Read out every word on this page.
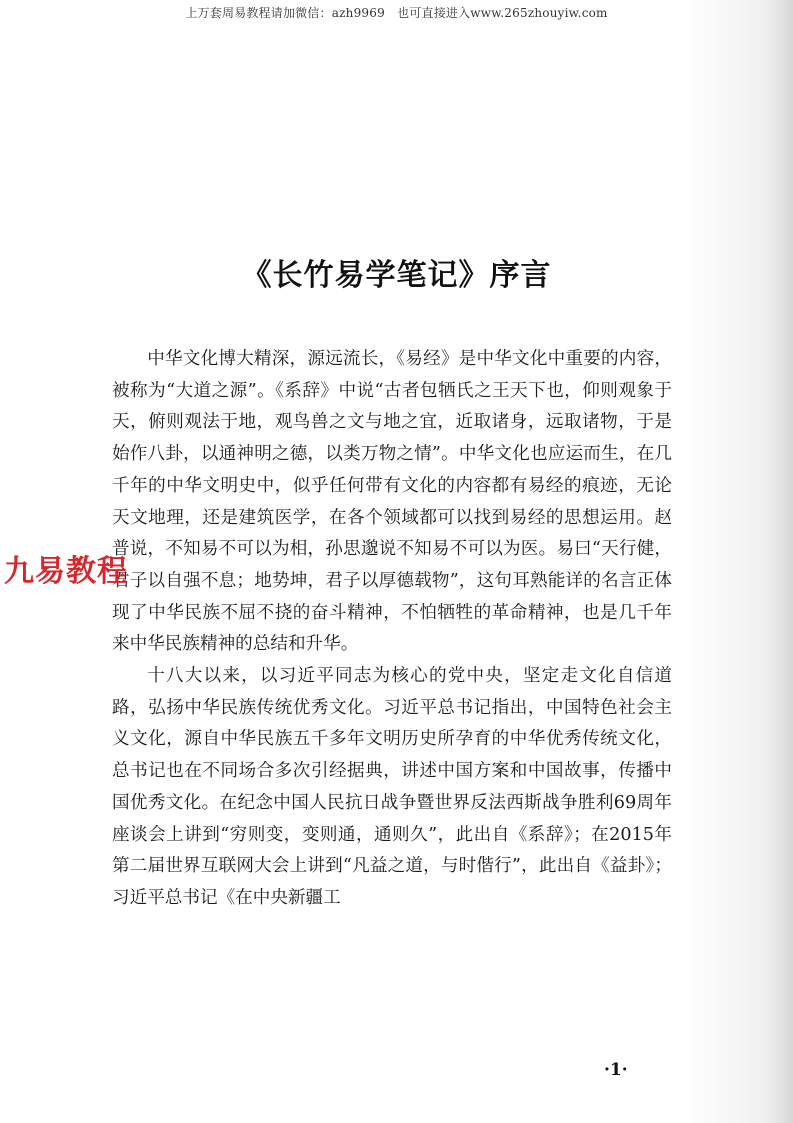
上万套周易教程请加微信：azh9969　也可直接进入www.265zhouyiw.com
《长竹易学笔记》序言

中华文化博大精深，源远流长，《易经》是中华文化中重要的内容，被称为“大道之源”。《系辞》中说“古者包牺氏之王天下也，仰则观象于天，俯则观法于地，观鸟兽之文与地之宜，近取诸身，远取诸物，于是始作八卦，以通神明之德，以类万物之情”。中华文化也应运而生，在几千年的中华文明史中，似乎任何带有文化的内容都有易经的痕迹，无论天文地理，还是建筑医学，在各个领域都可以找到易经的思想运用。赵普说，不知易不可以为相，孙思邈说不知易不可以为医。易曰“天行健，君子以自强不息；地势坤，君子以厚德载物”，这句耳熟能详的名言正体现了中华民族不屈不挠的奋斗精神，不怕牺牲的革命精神，也是几千年来中华民族精神的总结和升华。

十八大以来，以习近平同志为核心的党中央，坚定走文化自信道路，弘扬中华民族传统优秀文化。习近平总书记指出，中国特色社会主义文化，源自中华民族五千多年文明历史所孕育的中华优秀传统文化，总书记也在不同场合多次引经据典，讲述中国方案和中国故事，传播中国优秀文化。在纪念中国人民抗日战争暨世界反法西斯战争胜利69周年座谈会上讲到“穷则变，变则通，通则久”，此出自《系辞》；在2015年第二届世界互联网大会上讲到“凡益之道，与时偕行”，此出自《益卦》；习近平总书记《在中央新疆工

九易教程
·1·
